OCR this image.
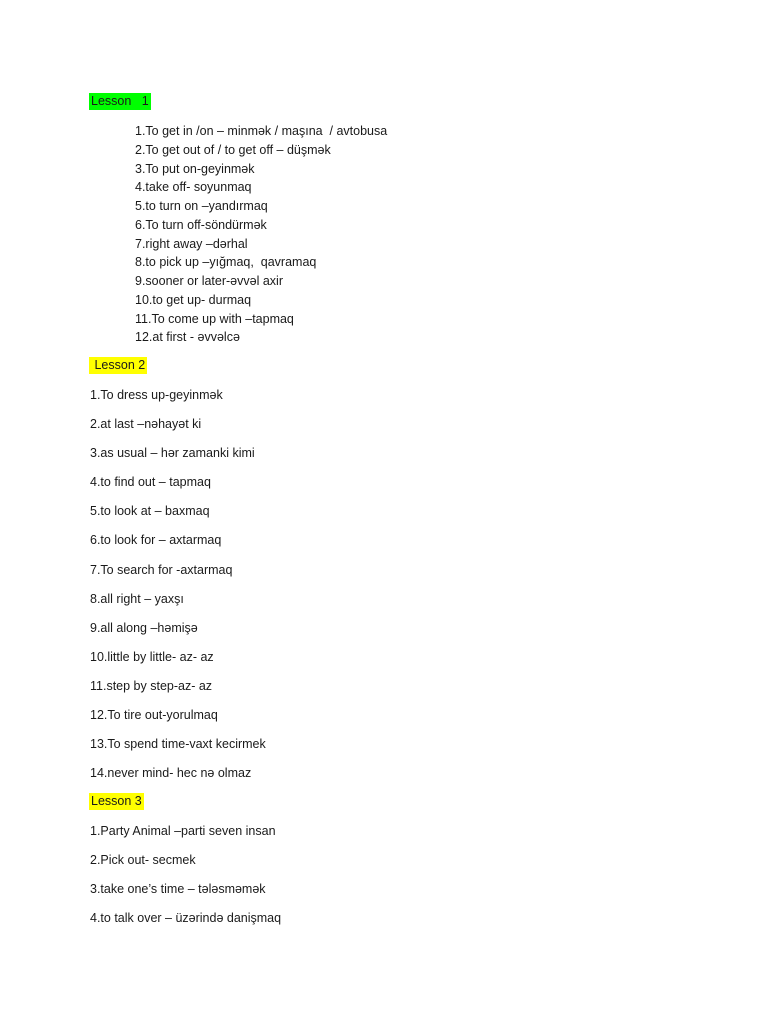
Lesson   1
1.To get in /on – minmək / maşına  / avtobusa
2.To get out of / to get off – düşmək
3.To put on-geyinmək
4.take off- soyunmaq
5.to turn on –yandırmaq
6.To turn off-söndürmək
7.right away –dərhal
8.to pick up –yığmaq,  qavramaq
9.sooner or later-əvvəl axir
10.to get up- durmaq
11.To come up with –tapmaq
12.at first - əvvəlcə
Lesson 2
1.To dress up-geyinmək
2.at last –nəhayət ki
3.as usual – hər zamanki kimi
4.to find out – tapmaq
5.to look at – baxmaq
6.to look for – axtarmaq
7.To search for -axtarmaq
8.all right – yaxşı
9.all along –həmişə
10.little by little- az- az
11.step by step-az- az
12.To tire out-yorulmaq
13.To spend time-vaxt kecirmek
14.never mind- hec nə olmaz
Lesson 3
1.Party Animal –parti seven insan
2.Pick out- secmek
3.take one’s time – tələsməmək
4.to talk over – üzərində danişmaq
